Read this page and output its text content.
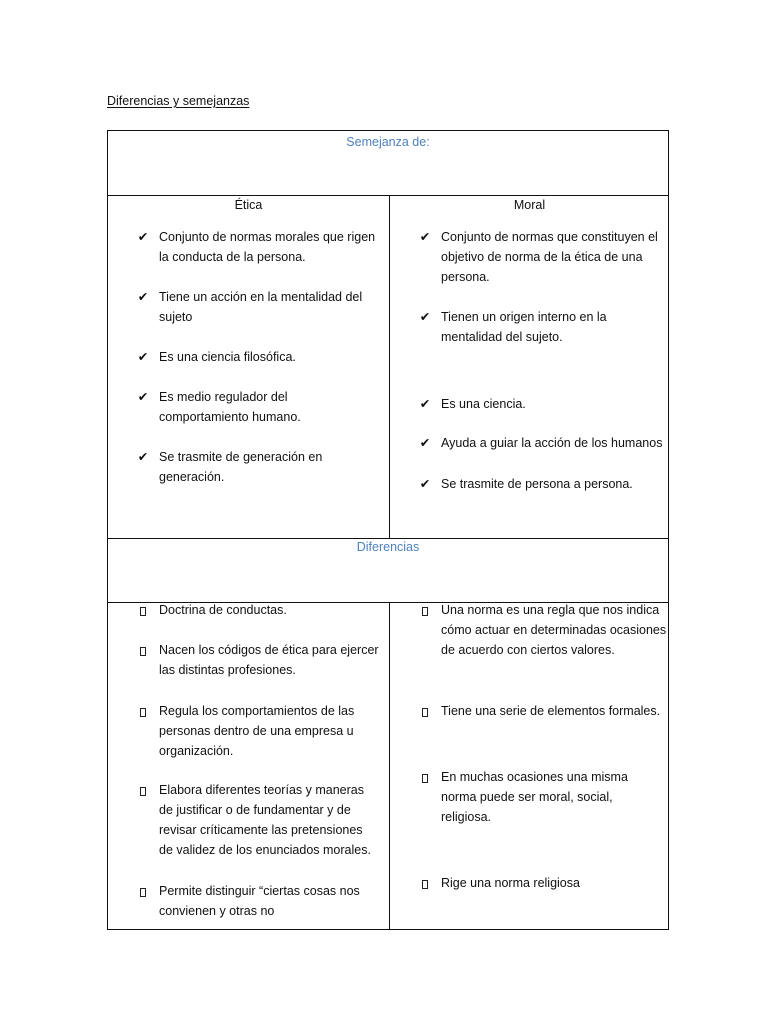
Diferencias y semejanzas
Semejanza de:
Ética	Moral
✔ Conjunto de normas morales que rigen la conducta de la persona.
✔ Tiene un acción en la mentalidad del sujeto
✔ Es una ciencia filosófica.
✔ Es medio regulador del comportamiento humano.
✔ Se trasmite de generación en generación.
✔ Conjunto de normas que constituyen el objetivo de norma de la ética de una persona.
✔ Tienen un origen interno en la mentalidad del sujeto.
✔ Es una ciencia.
✔ Ayuda a guiar la acción de los humanos
✔ Se trasmite de persona a persona.
Diferencias
Doctrina de conductas.
Nacen los códigos de ética para ejercer las distintas profesiones.
Regula los comportamientos de las personas dentro de una empresa u organización.
Elabora diferentes teorías y maneras de justificar o de fundamentar y de revisar críticamente las pretensiones de validez de los enunciados morales.
Permite distinguir “ciertas cosas nos convienen y otras no
Una norma es una regla que nos indica cómo actuar en determinadas ocasiones de acuerdo con ciertos valores.
Tiene una serie de elementos formales.
En muchas ocasiones una misma norma puede ser moral, social, religiosa.
Rige una norma religiosa
